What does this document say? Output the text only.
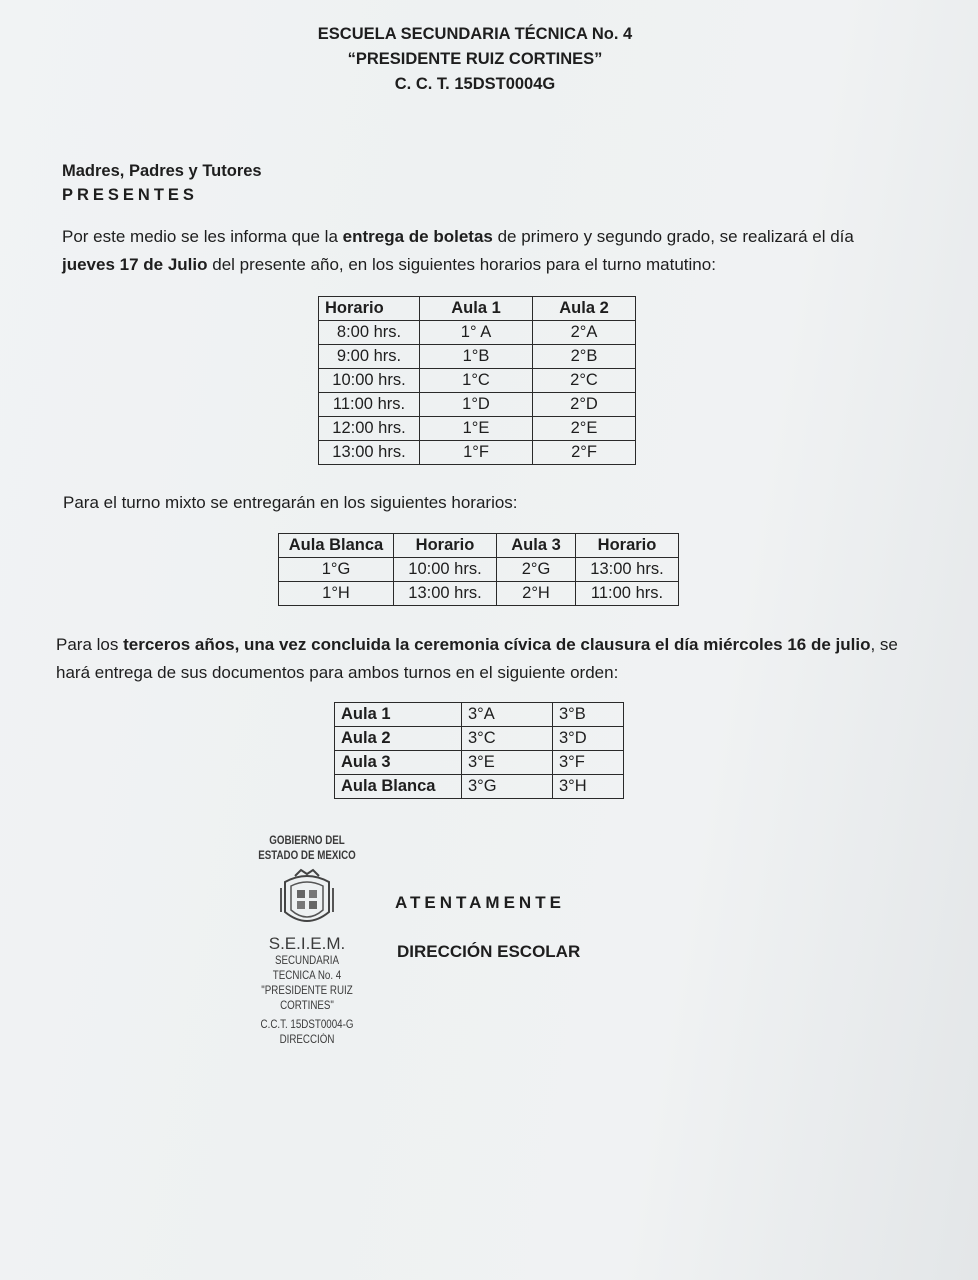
ESCUELA SECUNDARIA TÉCNICA No. 4
“PRESIDENTE RUIZ CORTINES”
C. C. T. 15DST0004G
Madres, Padres y Tutores
PRESENTES
Por este medio se les informa que la entrega de boletas de primero y segundo grado, se realizará el día jueves 17 de Julio del presente año, en los siguientes horarios para el turno matutino:
Horario	Aula 1	Aula 2
8:00 hrs.	1° A	2°A
9:00 hrs.	1°B	2°B
10:00 hrs.	1°C	2°C
11:00 hrs.	1°D	2°D
12:00 hrs.	1°E	2°E
13:00 hrs.	1°F	2°F
Para el turno mixto se entregarán en los siguientes horarios:
Aula Blanca	Horario	Aula 3	Horario
1°G	10:00 hrs.	2°G	13:00 hrs.
1°H	13:00 hrs.	2°H	11:00 hrs.
Para los terceros años, una vez concluida la ceremonia cívica de clausura el día miércoles 16 de julio, se hará entrega de sus documentos para ambos turnos en el siguiente orden:
Aula 1	3°A	3°B
Aula 2	3°C	3°D
Aula 3	3°E	3°F
Aula Blanca	3°G	3°H
GOBIERNO DEL
ESTADO DE MEXICO
S.E.I.E.M.
SECUNDARIA TECNICA No. 4
"PRESIDENTE RUIZ CORTINES"
C.C.T. 15DST0004-G
DIRECCIÓN
ATENTAMENTE
DIRECCIÓN ESCOLAR
